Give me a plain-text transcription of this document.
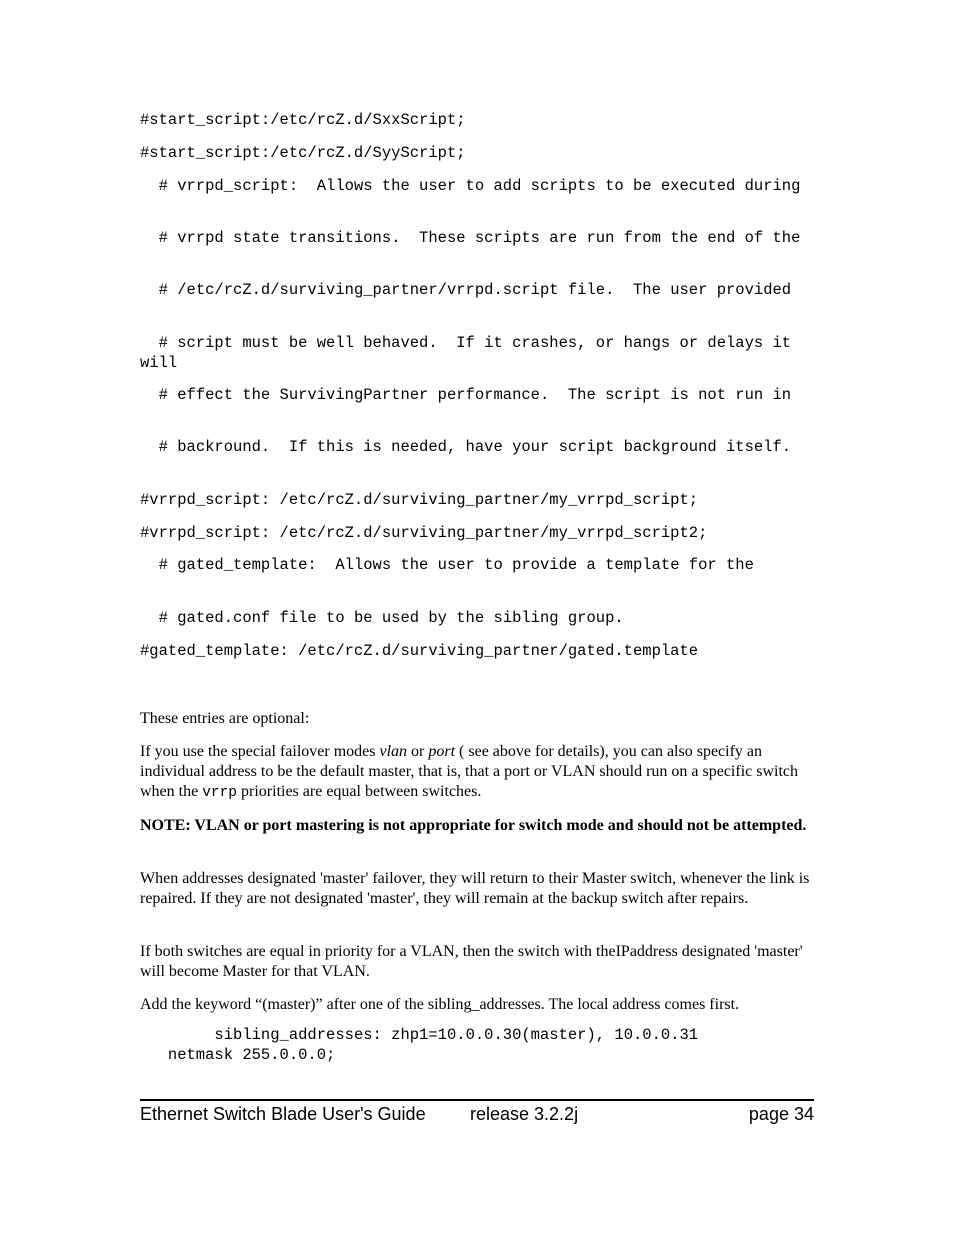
#start_script:/etc/rcZ.d/SxxScript;

#start_script:/etc/rcZ.d/SyyScript;

# vrrpd_script:  Allows the user to add scripts to be executed during

# vrrpd state transitions.  These scripts are run from the end of the

# /etc/rcZ.d/surviving_partner/vrrpd.script file.  The user provided

# script must be well behaved.  If it crashes, or hangs or delays it will

# effect the SurvivingPartner performance.  The script is not run in

# backround.  If this is needed, have your script background itself.

#vrrpd_script: /etc/rcZ.d/surviving_partner/my_vrrpd_script;

#vrrpd_script: /etc/rcZ.d/surviving_partner/my_vrrpd_script2;

# gated_template:  Allows the user to provide a template for the

# gated.conf file to be used by the sibling group.

#gated_template: /etc/rcZ.d/surviving_partner/gated.template

These entries are optional:

If you use the special failover modes vlan or port ( see above for details), you can also specify an individual address to be the default master, that is, that a port or VLAN should run on a specific switch when the vrrp priorities are equal between switches.

NOTE: VLAN or port mastering is not appropriate for switch mode and should not be attempted.

When addresses designated 'master' failover, they will return to their Master switch, whenever the link is repaired. If they are not designated 'master', they will remain at the backup switch after repairs.

If both switches are equal in priority for a VLAN, then the switch with theIPaddress designated 'master' will become Master for that VLAN.

Add the keyword “(master)” after one of the sibling_addresses. The local address comes first.

sibling_addresses: zhp1=10.0.0.30(master), 10.0.0.31

netmask 255.0.0.0;

Ethernet Switch Blade User's Guide release 3.2.2j	page 34
